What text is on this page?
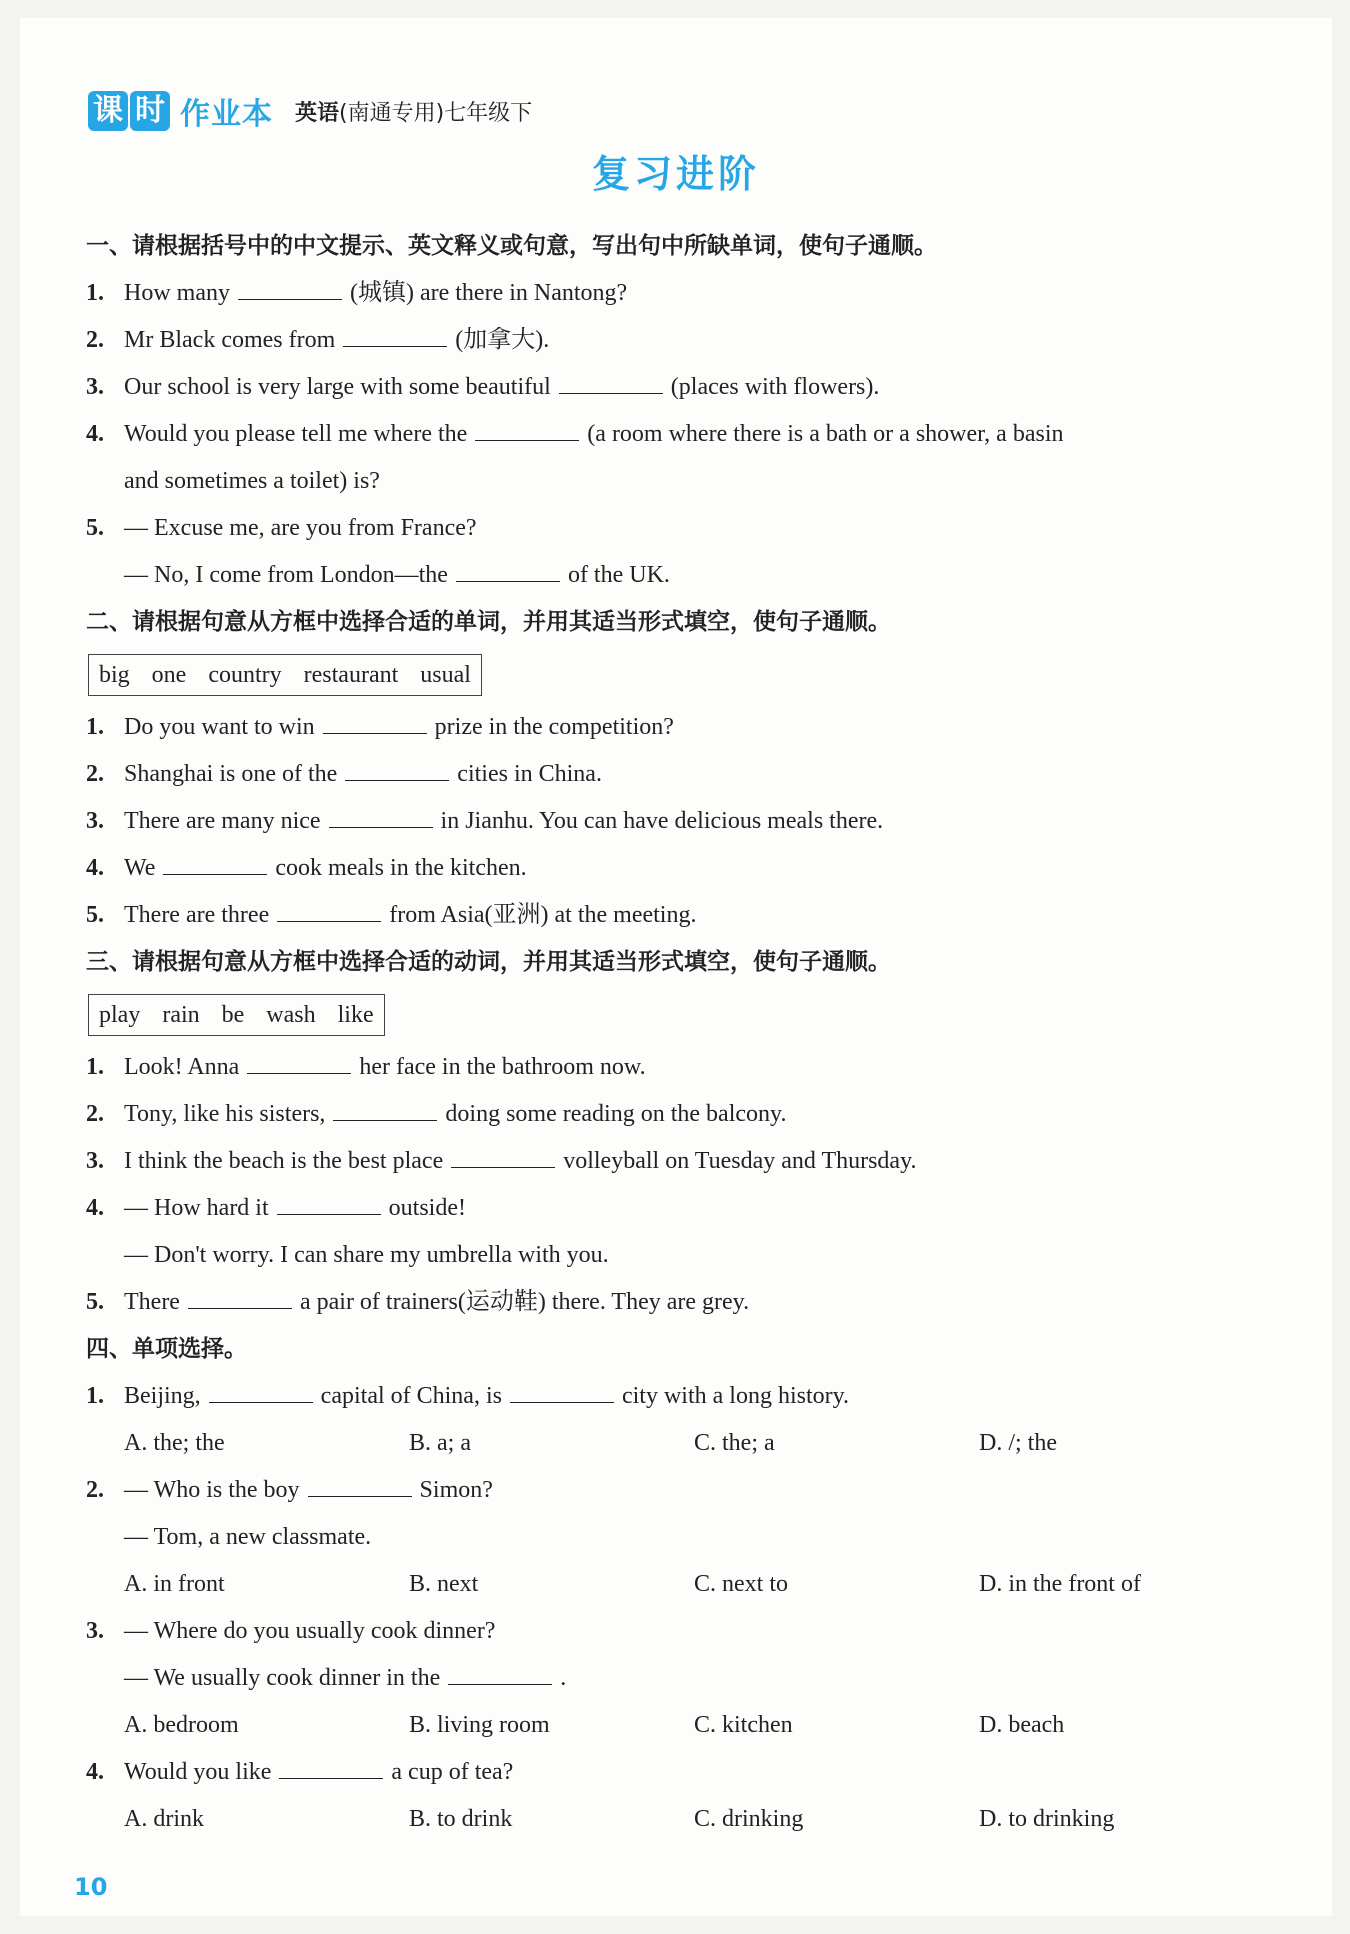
课 时 作业本 英语(南通专用)七年级下
复习进阶
一、请根据括号中的中文提示、英文释义或句意，写出句中所缺单词，使句子通顺。
1. How many	(城镇) are there in Nantong?
2. Mr Black comes from	(加拿大).
3. Our school is very large with some beautiful	(places with flowers).
4. Would you please tell me where the	(a room where there is a bath or a shower, a basin
and sometimes a toilet) is?
5. — Excuse me, are you from France?
— No, I come from London—the	of the UK.
二、请根据句意从方框中选择合适的单词，并用其适当形式填空，使句子通顺。
big one country restaurant usual
1. Do you want to win	prize in the competition?
2. Shanghai is one of the	cities in China.
3. There are many nice	in Jianhu. You can have delicious meals there.
4. We	cook meals in the kitchen.
5. There are three	from Asia(亚洲) at the meeting.
三、请根据句意从方框中选择合适的动词，并用其适当形式填空，使句子通顺。
play rain be wash like
1. Look! Anna	her face in the bathroom now.
2. Tony, like his sisters,	doing some reading on the balcony.
3. I think the beach is the best place	volleyball on Tuesday and Thursday.
4. — How hard it	outside!
— Don't worry. I can share my umbrella with you.
5. There	a pair of trainers(运动鞋) there. They are grey.
四、单项选择。
1. Beijing,	capital of China, is	city with a long history.
A. the; the	B. a; a	C. the; a	D. /; the
2. — Who is the boy	Simon?
— Tom, a new classmate.
A. in front	B. next	C. next to	D. in the front of
3. — Where do you usually cook dinner?
— We usually cook dinner in the	.
A. bedroom	B. living room	C. kitchen	D. beach
4. Would you like	a cup of tea?
A. drink	B. to drink	C. drinking	D. to drinking
10
